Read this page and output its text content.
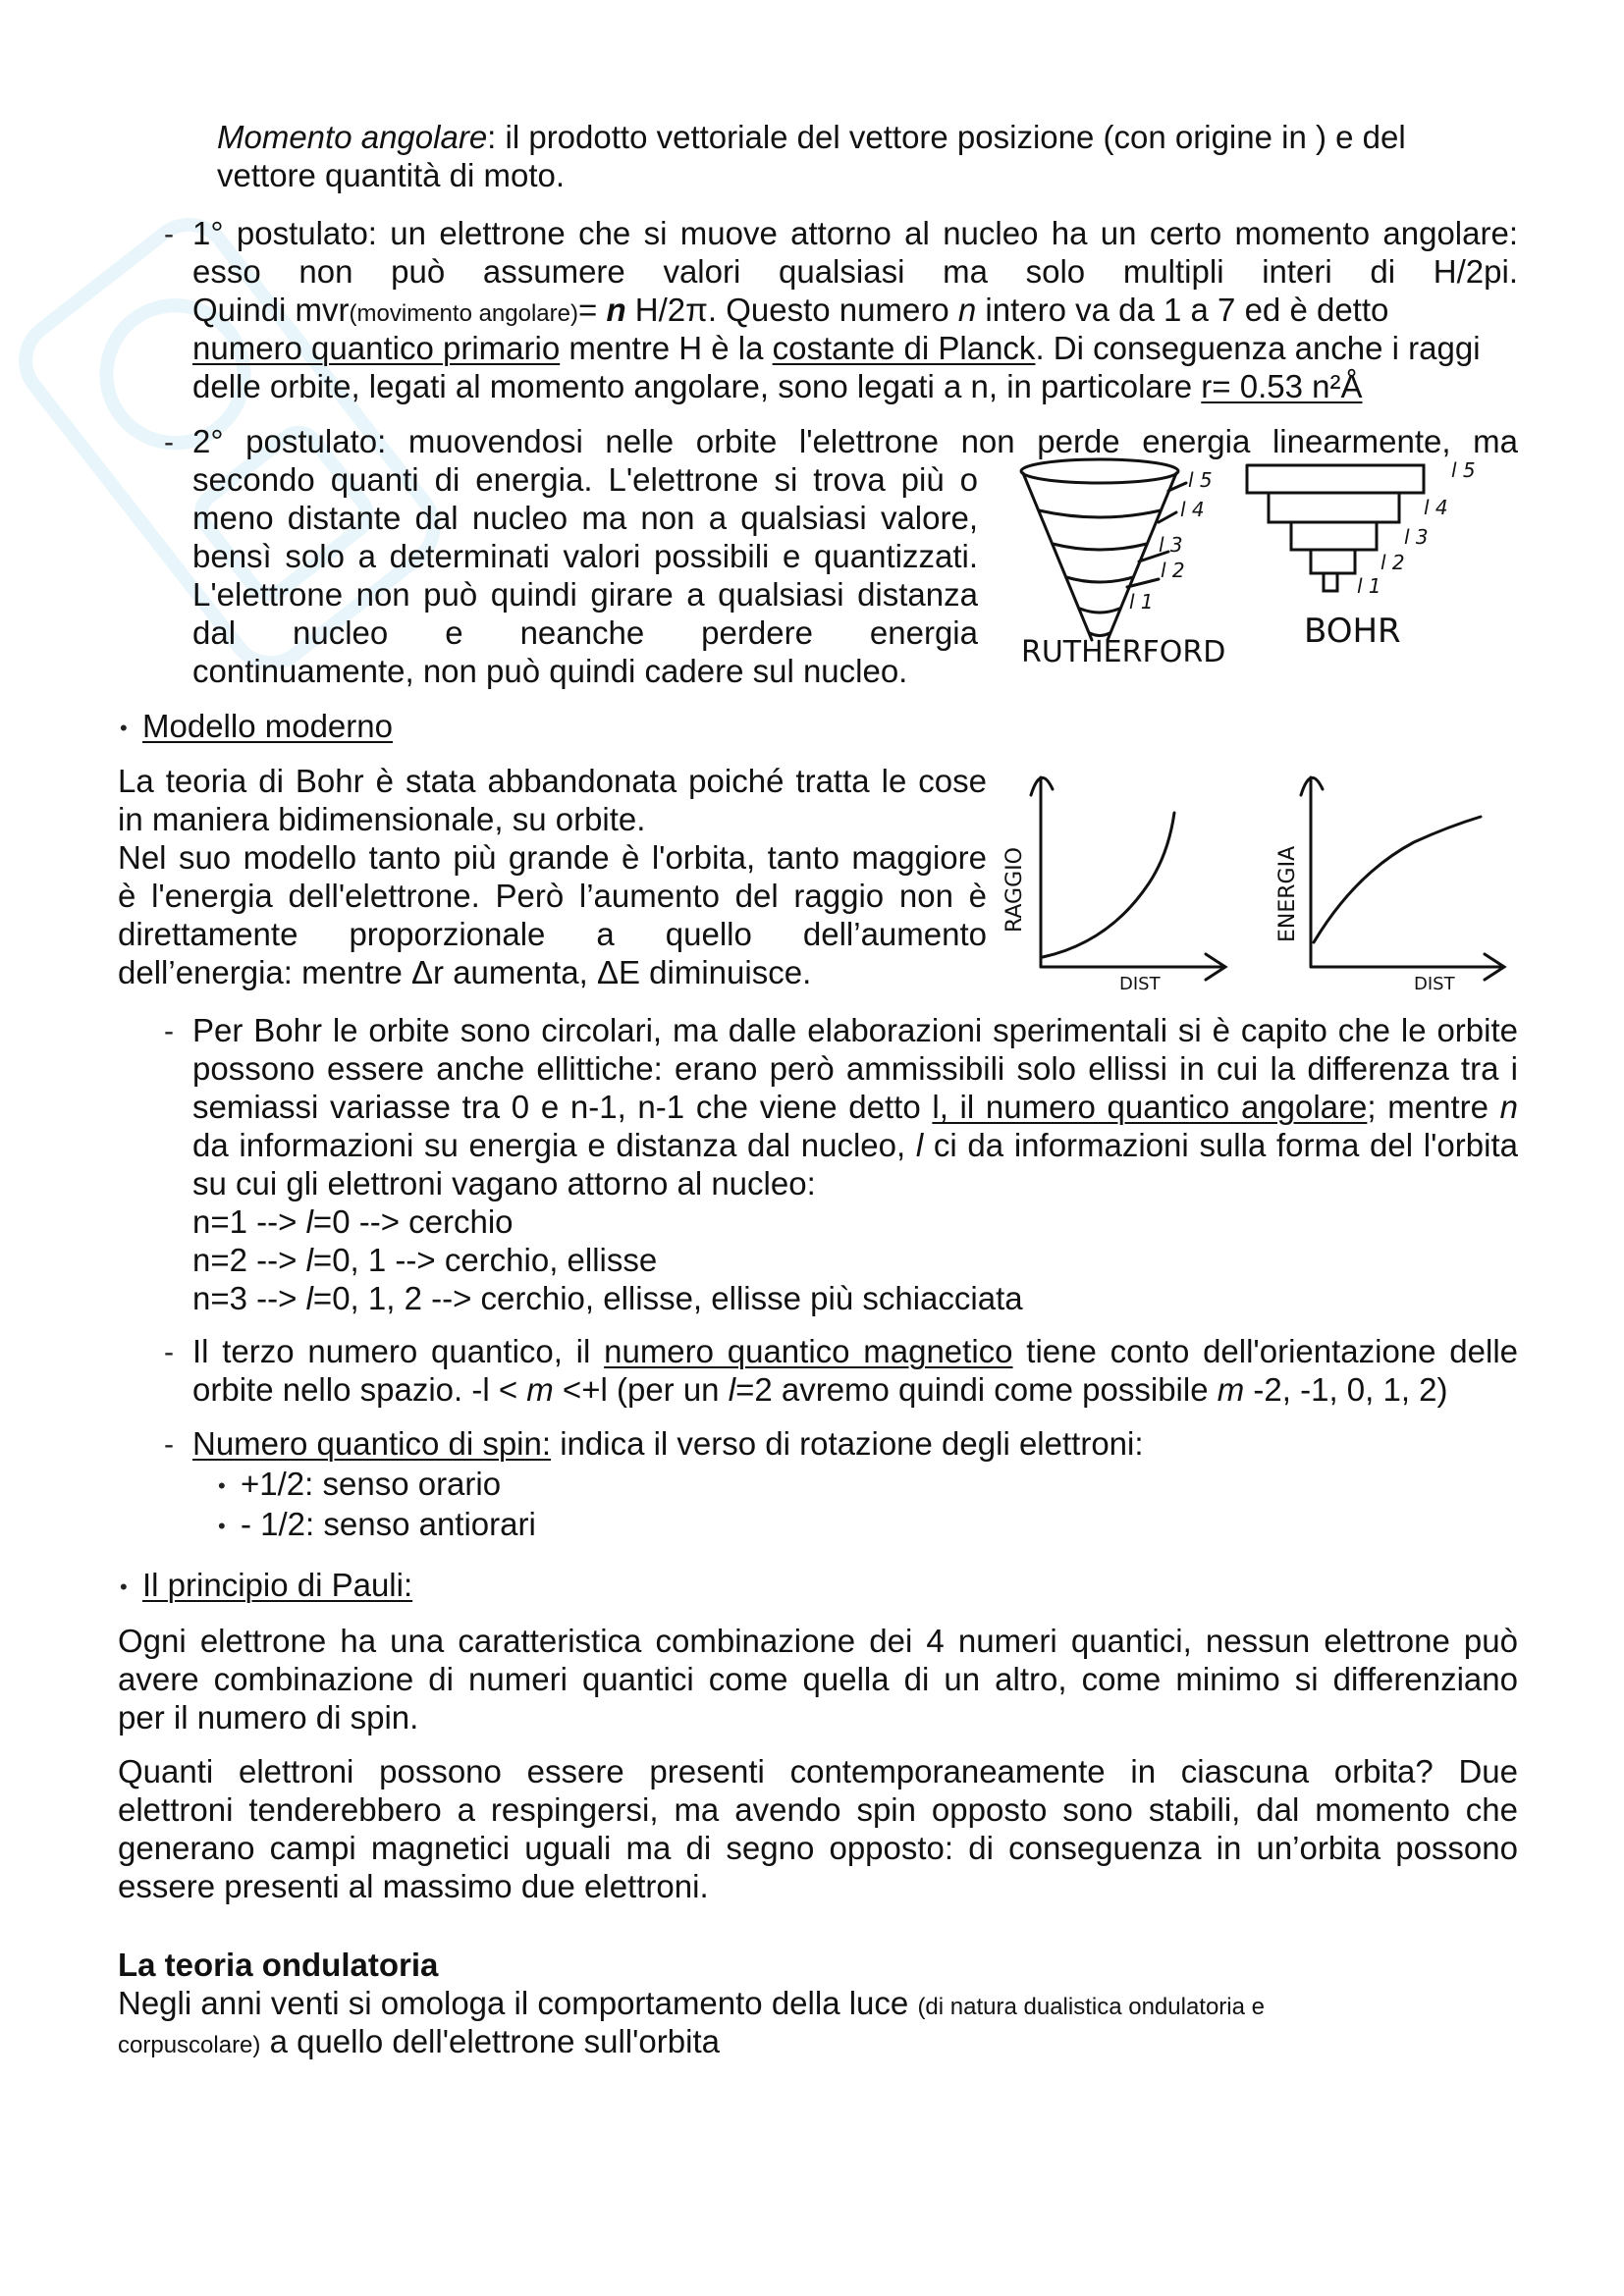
Momento angolare: il prodotto vettoriale del vettore posizione (con origine in ) e del

vettore quantità di moto.

- 1° postulato: un elettrone che si muove attorno al nucleo ha un certo momento angolare:

esso non può assumere valori qualsiasi ma solo multipli interi di H/2pi.

Quindi mvr(movimento angolare)= n H/2π. Questo numero n intero va da 1 a 7 ed è detto

numero quantico primario mentre H è la costante di Planck. Di conseguenza anche i raggi

delle orbite, legati al momento angolare, sono legati a n, in particolare r= 0.53 n²Å

- 2° postulato: muovendosi nelle orbite l'elettrone non perde energia linearmente, ma

secondo quanti di energia. L'elettrone si trova più o

meno distante dal nucleo ma non a qualsiasi valore,

bensì solo a determinati valori possibili e quantizzati.

L'elettrone non può quindi girare a qualsiasi distanza

dal nucleo e neanche perdere energia

continuamente, non può quindi cadere sul nucleo.

l 5
l 4
l 3
l 2
l 1
l 5
l 4
l 3
l 2
l 1
RUTHERFORD
BOHR
• Modello moderno

La teoria di Bohr è stata abbandonata poiché tratta le cose

in maniera bidimensionale, su orbite.

Nel suo modello tanto più grande è l'orbita, tanto maggiore

è l'energia dell'elettrone. Però l’aumento del raggio non è

direttamente proporzionale a quello dell’aumento

dell’energia: mentre Δr aumenta, ΔE diminuisce.

RAGGIO
DIST
ENERGIA
DIST
- Per Bohr le orbite sono circolari, ma dalle elaborazioni sperimentali si è capito che le orbite

possono essere anche ellittiche: erano però ammissibili solo ellissi in cui la differenza tra i

semiassi variasse tra 0 e n-1, n-1 che viene detto l, il numero quantico angolare; mentre n

da informazioni su energia e distanza dal nucleo, l ci da informazioni sulla forma del l'orbita

su cui gli elettroni vagano attorno al nucleo:

n=1 --> l=0 --> cerchio

n=2 --> l=0, 1 --> cerchio, ellisse

n=3 --> l=0, 1, 2 --> cerchio, ellisse, ellisse più schiacciata

- Il terzo numero quantico, il numero quantico magnetico tiene conto dell'orientazione delle

orbite nello spazio. -l < m <+l (per un l=2 avremo quindi come possibile m -2, -1, 0, 1, 2)

- Numero quantico di spin: indica il verso di rotazione degli elettroni:

• +1/2: senso orario

• - 1/2: senso antiorari

• Il principio di Pauli:

Ogni elettrone ha una caratteristica combinazione dei 4 numeri quantici, nessun elettrone può

avere combinazione di numeri quantici come quella di un altro, come minimo si differenziano

per il numero di spin.

Quanti elettroni possono essere presenti contemporaneamente in ciascuna orbita? Due

elettroni tenderebbero a respingersi, ma avendo spin opposto sono stabili, dal momento che

generano campi magnetici uguali ma di segno opposto: di conseguenza in un’orbita possono

essere presenti al massimo due elettroni.

La teoria ondulatoria

Negli anni venti si omologa il comportamento della luce (di natura dualistica ondulatoria e

corpuscolare) a quello dell'elettrone sull'orbita
